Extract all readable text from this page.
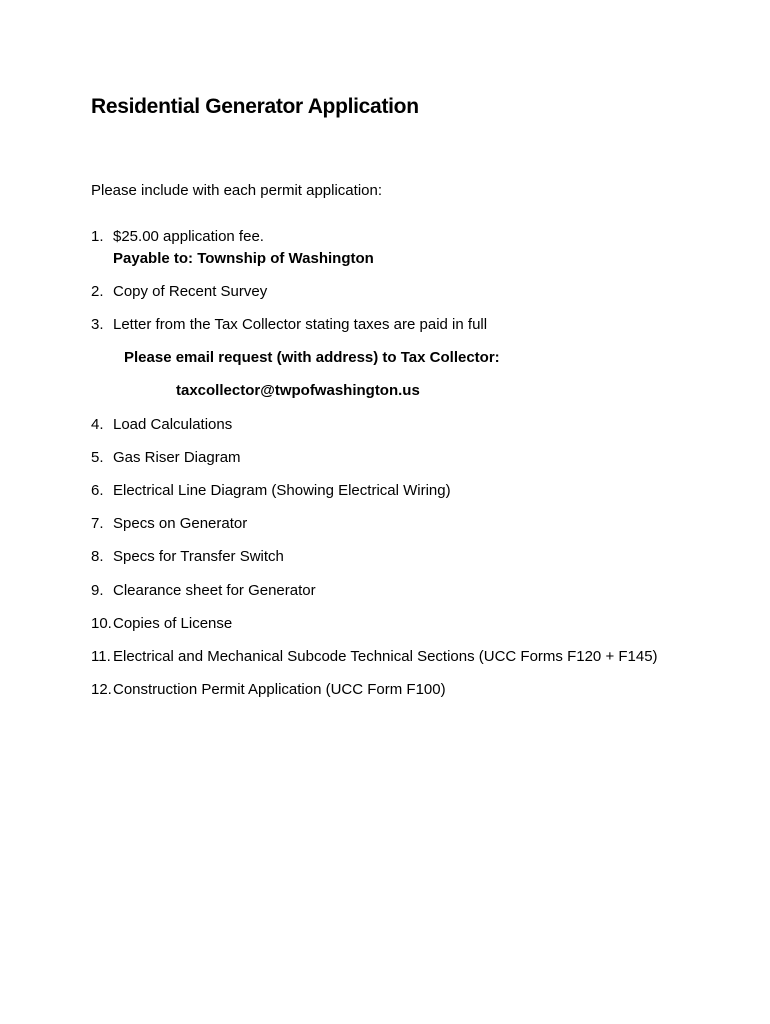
Residential Generator Application

Please include with each permit application:

1. $25.00 application fee.
Payable to: Township of Washington
2. Copy of Recent Survey
3. Letter from the Tax Collector stating taxes are paid in full
Please email request (with address) to Tax Collector:
taxcollector@twpofwashington.us
4. Load Calculations
5. Gas Riser Diagram
6. Electrical Line Diagram (Showing Electrical Wiring)
7. Specs on Generator
8. Specs for Transfer Switch
9. Clearance sheet for Generator
10. Copies of License
11. Electrical and Mechanical Subcode Technical Sections (UCC Forms F120 + F145)
12. Construction Permit Application (UCC Form F100)
